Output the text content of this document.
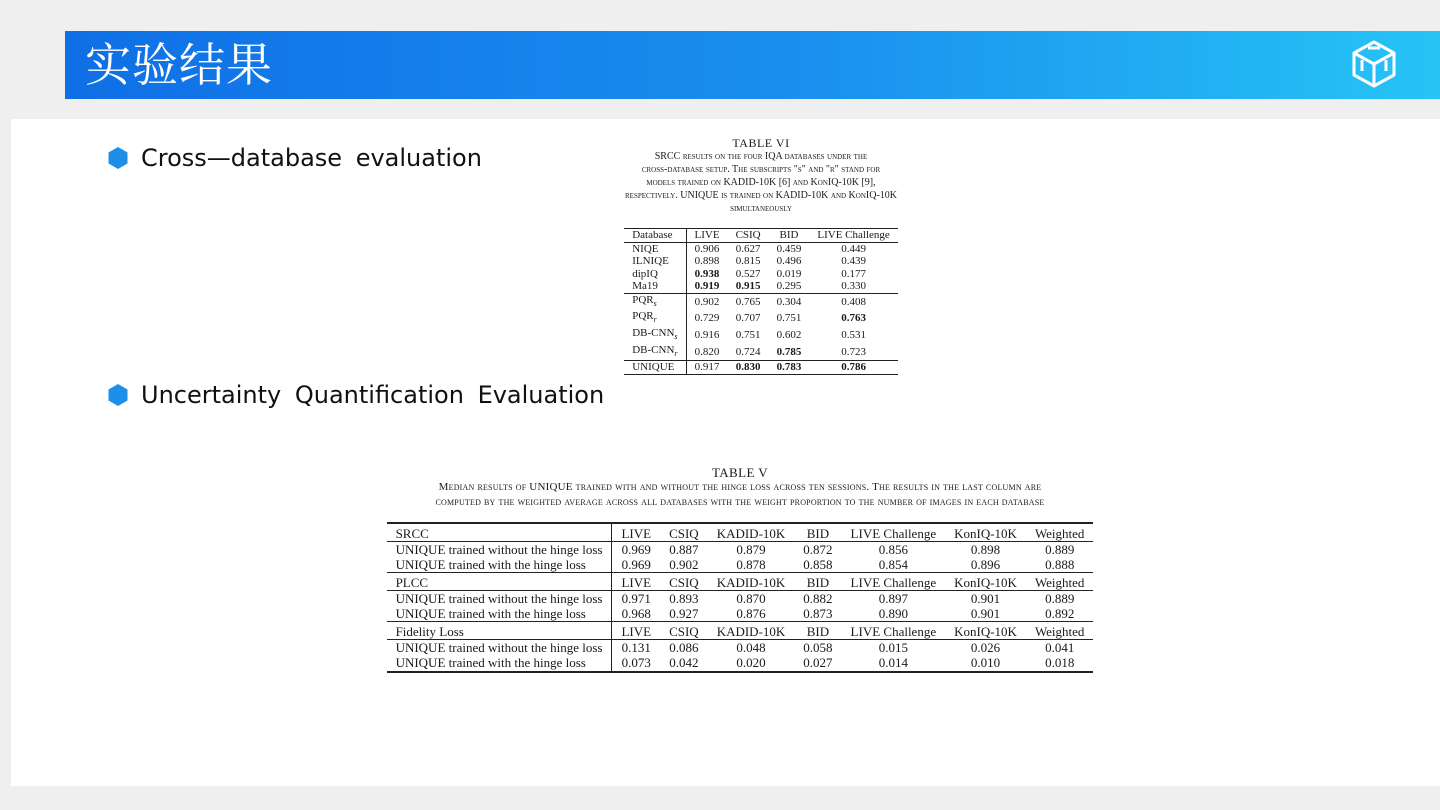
实验结果
Cross—database evaluation
Uncertainty Quantification Evaluation
TABLE VI
SRCC results on the four IQA databases under the
cross-database setup. The subscripts "s" and "r" stand for
models trained on KADID-10K [6] and KonIQ-10K [9],
respectively. UNIQUE is trained on KADID-10K and KonIQ-10K
simultaneously
Database	LIVE	CSIQ	BID	LIVE Challenge
NIQE	0.906	0.627	0.459	0.449
ILNIQE	0.898	0.815	0.496	0.439
dipIQ	0.938	0.527	0.019	0.177
Ma19	0.919	0.915	0.295	0.330
$PQR_s$	0.902	0.765	0.304	0.408
$PQR_r$	0.729	0.707	0.751	0.763
$DB-CNN_s$	0.916	0.751	0.602	0.531
$DB-CNN_r$	0.820	0.724	0.785	0.723
UNIQUE	0.917	0.830	0.783	0.786
TABLE V
Median results of UNIQUE trained with and without the hinge loss across ten sessions. The results in the last column are
computed by the weighted average across all databases with the weight proportion to the number of images in each database
SRCC	LIVE	CSIQ	KADID-10K	BID	LIVE Challenge	KonIQ-10K	Weighted
UNIQUE trained without the hinge loss	0.969	0.887	0.879	0.872	0.856	0.898	0.889
UNIQUE trained with the hinge loss	0.969	0.902	0.878	0.858	0.854	0.896	0.888
PLCC	LIVE	CSIQ	KADID-10K	BID	LIVE Challenge	KonIQ-10K	Weighted
UNIQUE trained without the hinge loss	0.971	0.893	0.870	0.882	0.897	0.901	0.889
UNIQUE trained with the hinge loss	0.968	0.927	0.876	0.873	0.890	0.901	0.892
Fidelity Loss	LIVE	CSIQ	KADID-10K	BID	LIVE Challenge	KonIQ-10K	Weighted
UNIQUE trained without the hinge loss	0.131	0.086	0.048	0.058	0.015	0.026	0.041
UNIQUE trained with the hinge loss	0.073	0.042	0.020	0.027	0.014	0.010	0.018
